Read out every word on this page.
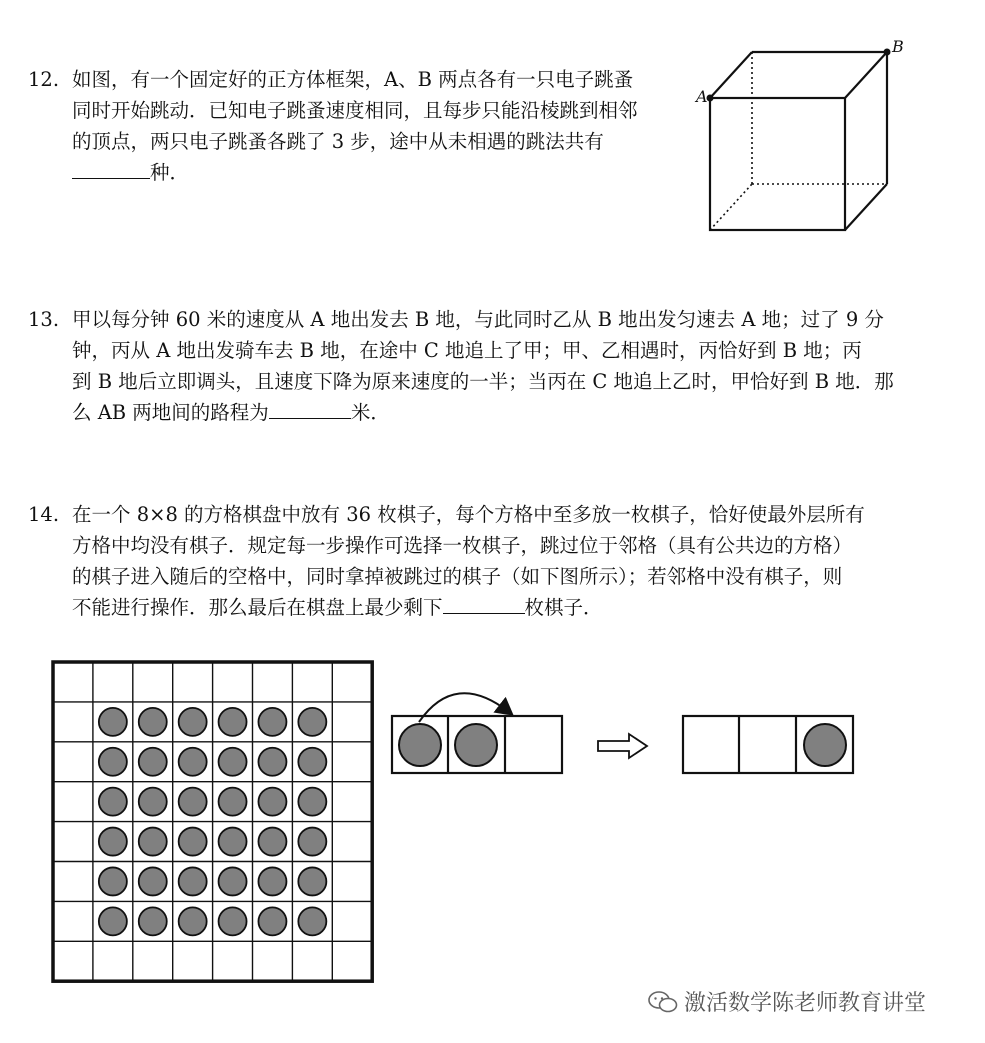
12. 如图，有一个固定好的正方体框架，A、B 两点各有一只电子跳蚤
同时开始跳动．已知电子跳蚤速度相同，且每步只能沿棱跳到相邻
的顶点，两只电子跳蚤各跳了 3 步，途中从未相遇的跳法共有
种．
A
B
13. 甲以每分钟 60 米的速度从 A 地出发去 B 地，与此同时乙从 B 地出发匀速去 A 地；过了 9 分
钟，丙从 A 地出发骑车去 B 地，在途中 C 地追上了甲；甲、乙相遇时，丙恰好到 B 地；丙
到 B 地后立即调头，且速度下降为原来速度的一半；当丙在 C 地追上乙时，甲恰好到 B 地．那
么 AB 两地间的路程为	米．
14. 在一个 8×8 的方格棋盘中放有 36 枚棋子，每个方格中至多放一枚棋子，恰好使最外层所有
方格中均没有棋子．规定每一步操作可选择一枚棋子，跳过位于邻格（具有公共边的方格）
的棋子进入随后的空格中，同时拿掉被跳过的棋子（如下图所示）；若邻格中没有棋子，则
不能进行操作．那么最后在棋盘上最少剩下	枚棋子．
激活数学陈老师教育讲堂
